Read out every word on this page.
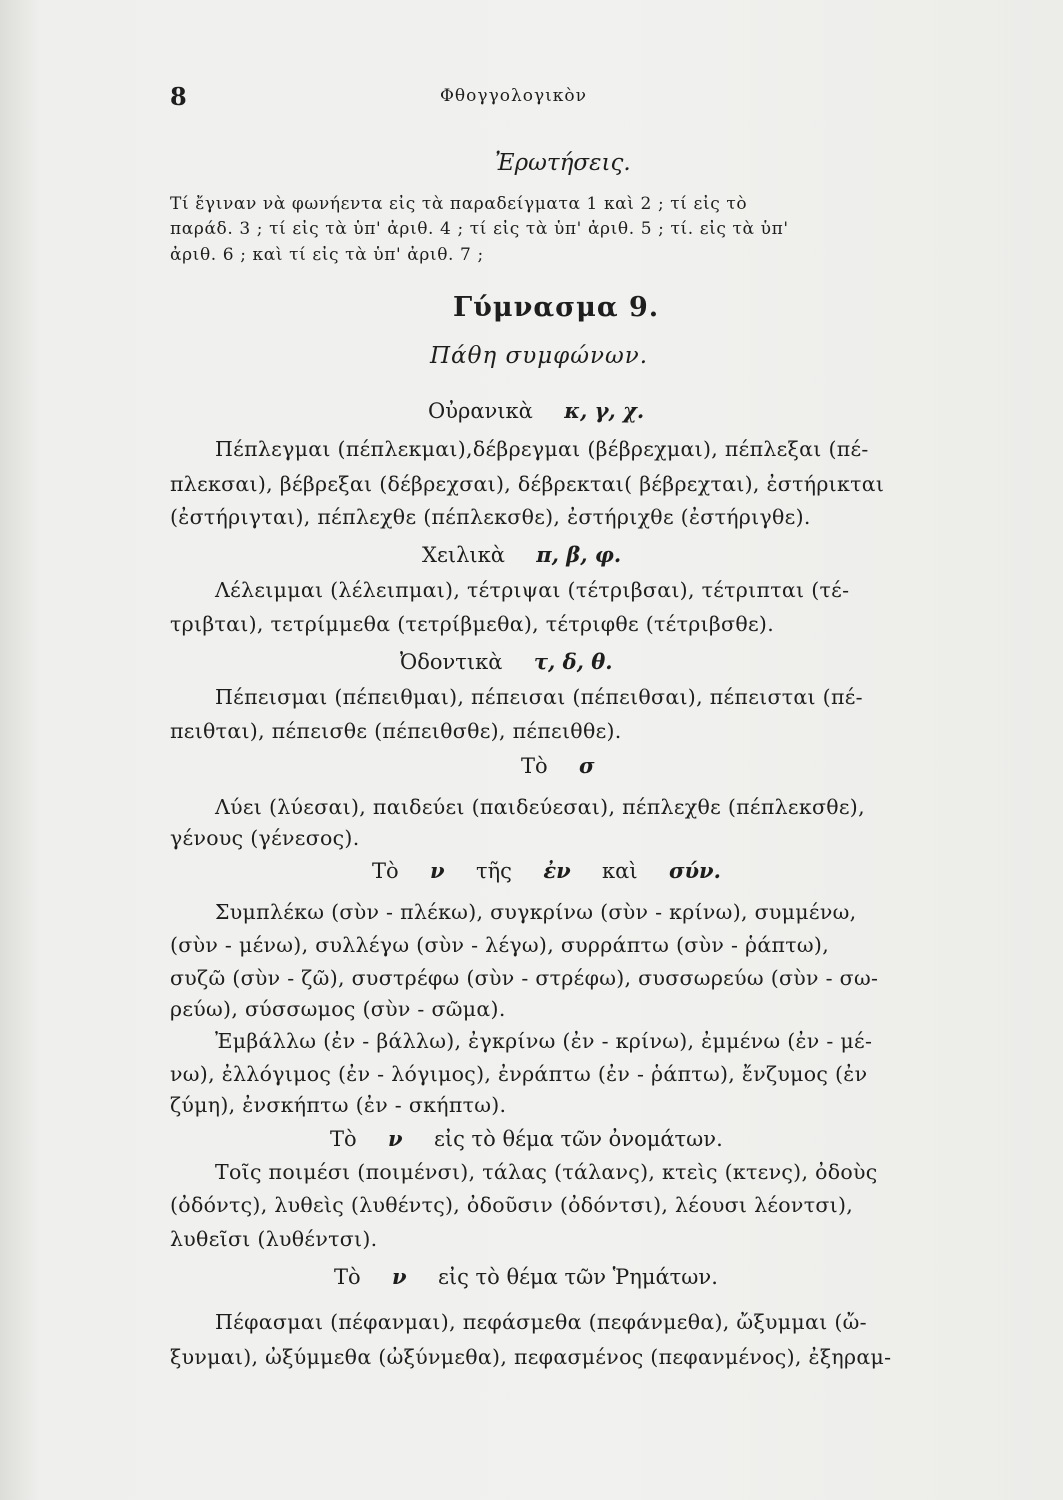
8	Φθογγολογικὸν
Ἐρωτήσεις.
Τί ἔγιναν νὰ φωνήεντα εἰς τὰ παραδείγματα 1 καὶ 2 ; τί εἰς τὸ
παράδ. 3 ; τί εἰς τὰ ὑπ' ἀριθ. 4 ; τί εἰς τὰ ὑπ' ἀριθ. 5 ; τί. εἰς τὰ ὑπ'
ἀριθ. 6 ; καὶ τί εἰς τὰ ὑπ' ἀριθ. 7 ;
Γύμνασμα 9.
Πάθη συμφώνων.
Οὐρανικὰ κ, γ, χ.
Πέπλεγμαι (πέπλεκμαι),δέβρεγμαι (βέβρεχμαι), πέπλεξαι (πέ-
πλεκσαι), βέβρεξαι (δέβρεχσαι), δέβρεκται( βέβρεχται), ἐστήρικται
(ἐστήριγται), πέπλεχθε (πέπλεκσθε), ἐστήριχθε (ἐστήριγθε).
Χειλικὰ π, β, φ.
Λέλειμμαι (λέλειπμαι), τέτριψαι (τέτριβσαι), τέτριπται (τέ-
τριβται), τετρίμμεθα (τετρίβμεθα), τέτριφθε (τέτριβσθε).
Ὀδοντικὰ τ, δ, θ.
Πέπεισμαι (πέπειθμαι), πέπεισαι (πέπειθσαι), πέπεισται (πέ-
πειθται), πέπεισθε (πέπειθσθε), πέπειθθε).
Τὸ σ
Λύει (λύεσαι), παιδεύει (παιδεύεσαι), πέπλεχθε (πέπλεκσθε),
γένους (γένεσος).
Τὸ ν τῆς ἐν καὶ σύν.
Συμπλέκω (σὺν - πλέκω), συγκρίνω (σὺν - κρίνω), συμμένω,
(σὺν - μένω), συλλέγω (σὺν - λέγω), συρράπτω (σὺν - ῥάπτω),
συζῶ (σὺν - ζῶ), συστρέφω (σὺν - στρέφω), συσσωρεύω (σὺν - σω-
ρεύω), σύσσωμος (σὺν - σῶμα).
Ἐμβάλλω (ἐν - βάλλω), ἐγκρίνω (ἐν - κρίνω), ἐμμένω (ἐν - μέ-
νω), ἐλλόγιμος (ἐν - λόγιμος), ἐνράπτω (ἐν - ῥάπτω), ἔνζυμος (ἐν
ζύμη), ἐνσκήπτω (ἐν - σκήπτω).
Τὸ ν εἰς τὸ θέμα τῶν ὀνομάτων.
Τοῖς ποιμέσι (ποιμένσι), τάλας (τάλανς), κτεὶς (κτενς), ὀδοὺς
(ὀδόντς), λυθεὶς (λυθέντς), ὀδοῦσιν (ὀδόντσι), λέουσι λέοντσι),
λυθεῖσι (λυθέντσι).
Τὸ ν εἰς τὸ θέμα τῶν Ῥημάτων.
Πέφασμαι (πέφανμαι), πεφάσμεθα (πεφάνμεθα), ὤξυμμαι (ὤ-
ξυνμαι), ὠξύμμεθα (ὠξύνμεθα), πεφασμένος (πεφανμένος), ἐξηραμ-
